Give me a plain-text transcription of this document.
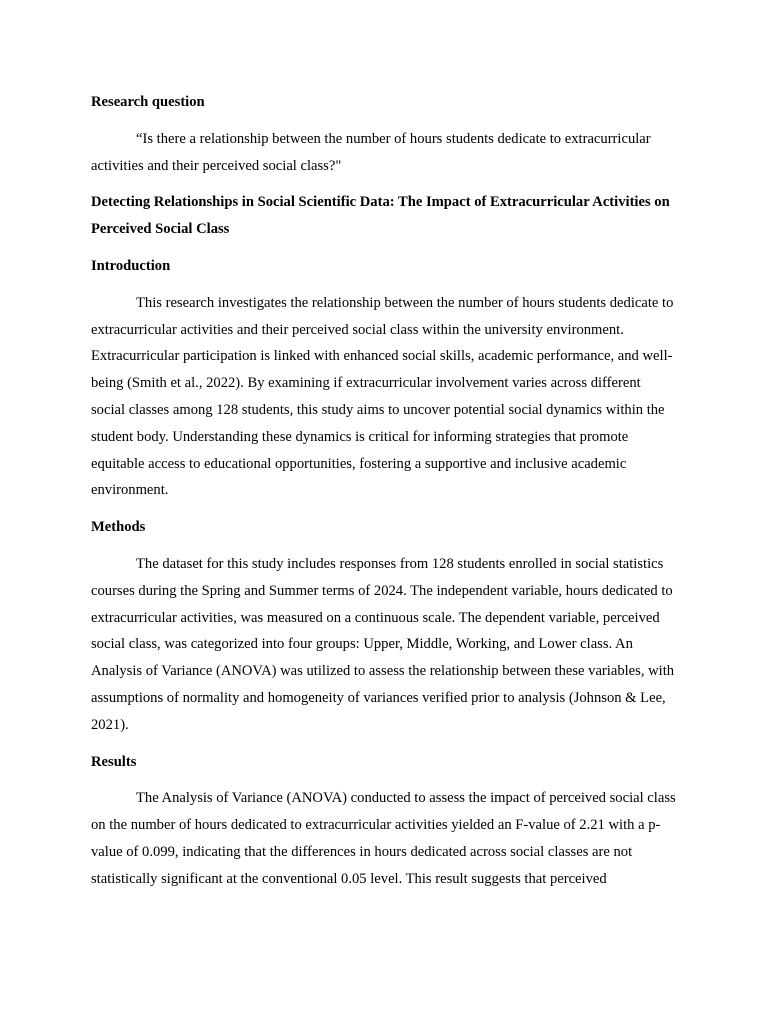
Research question
“Is there a relationship between the number of hours students dedicate to extracurricular activities and their perceived social class?"
Detecting Relationships in Social Scientific Data: The Impact of Extracurricular Activities on Perceived Social Class
Introduction
This research investigates the relationship between the number of hours students dedicate to extracurricular activities and their perceived social class within the university environment. Extracurricular participation is linked with enhanced social skills, academic performance, and well-being (Smith et al., 2022). By examining if extracurricular involvement varies across different social classes among 128 students, this study aims to uncover potential social dynamics within the student body. Understanding these dynamics is critical for informing strategies that promote equitable access to educational opportunities, fostering a supportive and inclusive academic environment.
Methods
The dataset for this study includes responses from 128 students enrolled in social statistics courses during the Spring and Summer terms of 2024. The independent variable, hours dedicated to extracurricular activities, was measured on a continuous scale. The dependent variable, perceived social class, was categorized into four groups: Upper, Middle, Working, and Lower class. An Analysis of Variance (ANOVA) was utilized to assess the relationship between these variables, with assumptions of normality and homogeneity of variances verified prior to analysis (Johnson & Lee, 2021).
Results
The Analysis of Variance (ANOVA) conducted to assess the impact of perceived social class on the number of hours dedicated to extracurricular activities yielded an F-value of 2.21 with a p-value of 0.099, indicating that the differences in hours dedicated across social classes are not statistically significant at the conventional 0.05 level. This result suggests that perceived
